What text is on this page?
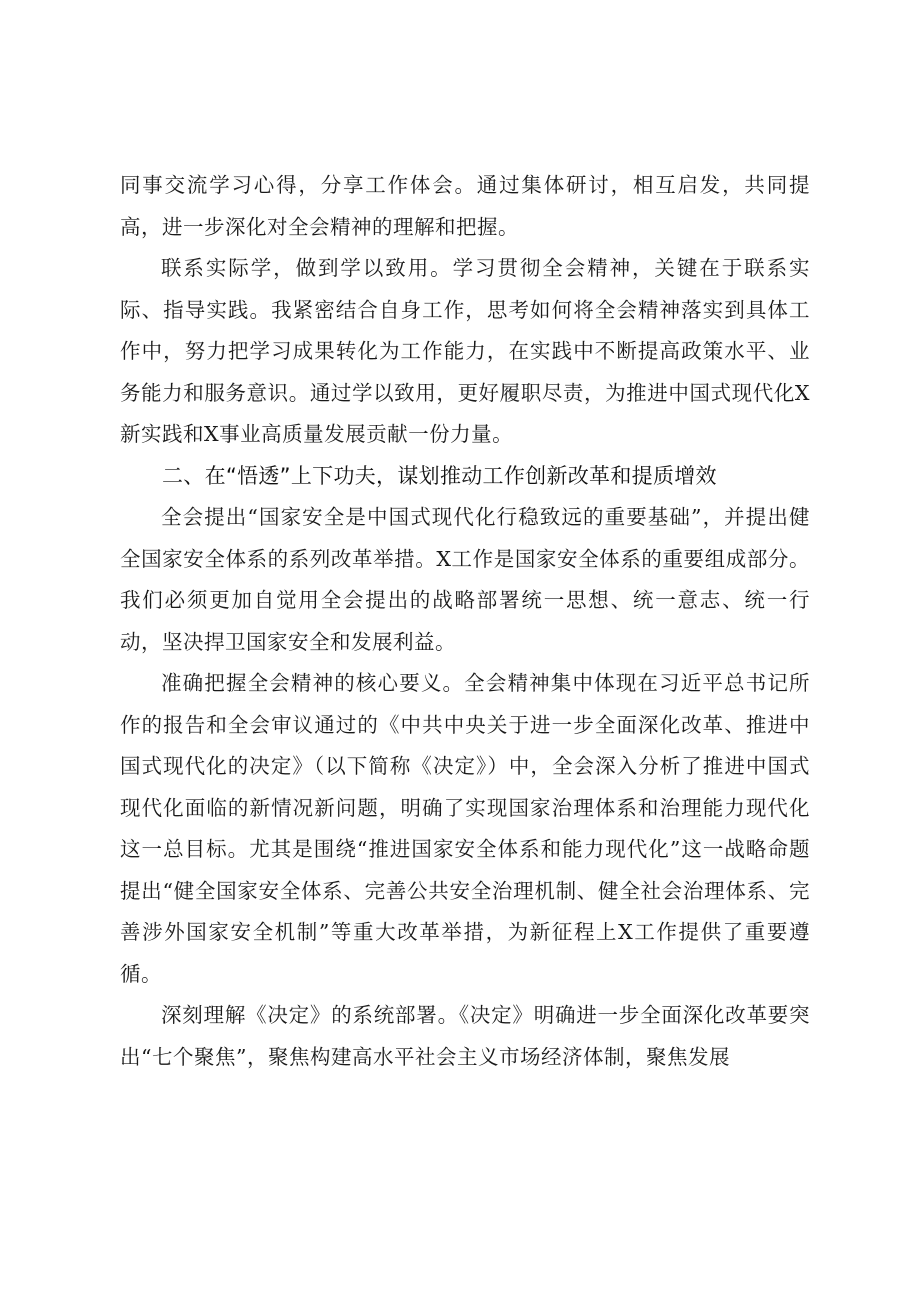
同事交流学习心得，分享工作体会。通过集体研讨，相互启发，共同提高，进一步深化对全会精神的理解和把握。

联系实际学，做到学以致用。学习贯彻全会精神，关键在于联系实际、指导实践。我紧密结合自身工作，思考如何将全会精神落实到具体工作中，努力把学习成果转化为工作能力，在实践中不断提高政策水平、业务能力和服务意识。通过学以致用，更好履职尽责，为推进中国式现代化X新实践和X事业高质量发展贡献一份力量。

二、在“悟透”上下功夫，谋划推动工作创新改革和提质增效

全会提出“国家安全是中国式现代化行稳致远的重要基础”，并提出健全国家安全体系的系列改革举措。X工作是国家安全体系的重要组成部分。我们必须更加自觉用全会提出的战略部署统一思想、统一意志、统一行动，坚决捍卫国家安全和发展利益。

准确把握全会精神的核心要义。全会精神集中体现在习近平总书记所作的报告和全会审议通过的《中共中央关于进一步全面深化改革、推进中国式现代化的决定》（以下简称《决定》）中，全会深入分析了推进中国式现代化面临的新情况新问题，明确了实现国家治理体系和治理能力现代化这一总目标。尤其是围绕“推进国家安全体系和能力现代化”这一战略命题提出“健全国家安全体系、完善公共安全治理机制、健全社会治理体系、完善涉外国家安全机制”等重大改革举措，为新征程上X工作提供了重要遵循。

深刻理解《决定》的系统部署。《决定》明确进一步全面深化改革要突出“七个聚焦”，聚焦构建高水平社会主义市场经济体制，聚焦发展
